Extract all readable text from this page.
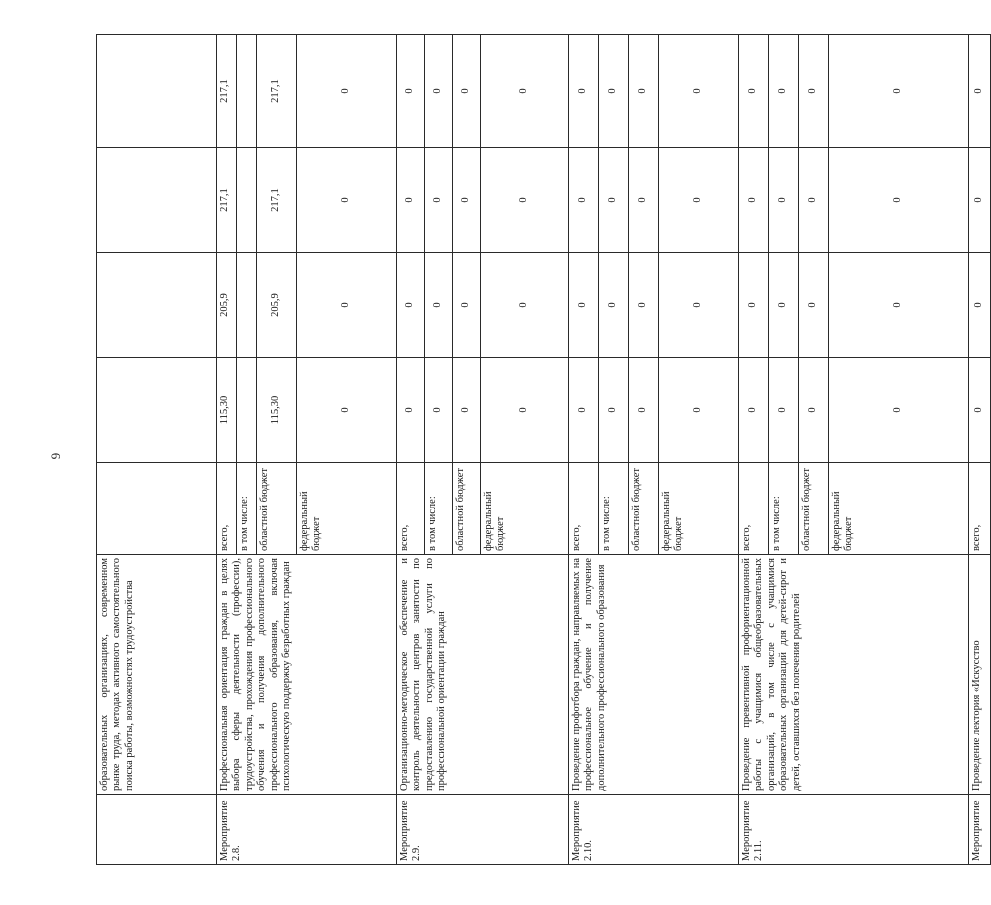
6
	образовательных организациях, современном рынке труда, методах активного самостоятельного поиска работы, возможностях трудоустройства					
Мероприятие 2.8.	Профессиональная ориентация граждан в целях выбора сферы деятельности (профессии), трудоустройства, прохождения профессионального обучения и получения дополнительного профессионального образования, включая психологическую поддержку безработных граждан	всего,	115,30	205,9	217,1	217,1
		в том числе:				
		областной бюджет	115,30	205,9	217,1	217,1
		федеральный бюджет	0	0	0	0
Мероприятие 2.9.	Организационно-методическое обеспечение и контроль деятельности центров занятости по предоставлению государственной услуги по профессиональной ориентации граждан	всего,	0	0	0	0
		в том числе:	0	0	0	0
		областной бюджет	0	0	0	0
		федеральный бюджет	0	0	0	0
Мероприятие 2.10.	Проведение профотбора граждан, направляемых на профессиональное обучение и получение дополнительного профессионального образования	всего,	0	0	0	0
		в том числе:	0	0	0	0
		областной бюджет	0	0	0	0
		федеральный бюджет	0	0	0	0
Мероприятие 2.11.	Проведение превентивной профориентационной работы с учащимися общеобразовательных организаций, в том числе с учащимися образовательных организаций для детей-сирот и детей, оставшихся без попечения родителей	всего,	0	0	0	0
		в том числе:	0	0	0	0
		областной бюджет	0	0	0	0
		федеральный бюджет	0	0	0	0
Мероприятие	Проведение лектория «Искусство	всего,	0	0	0	0
